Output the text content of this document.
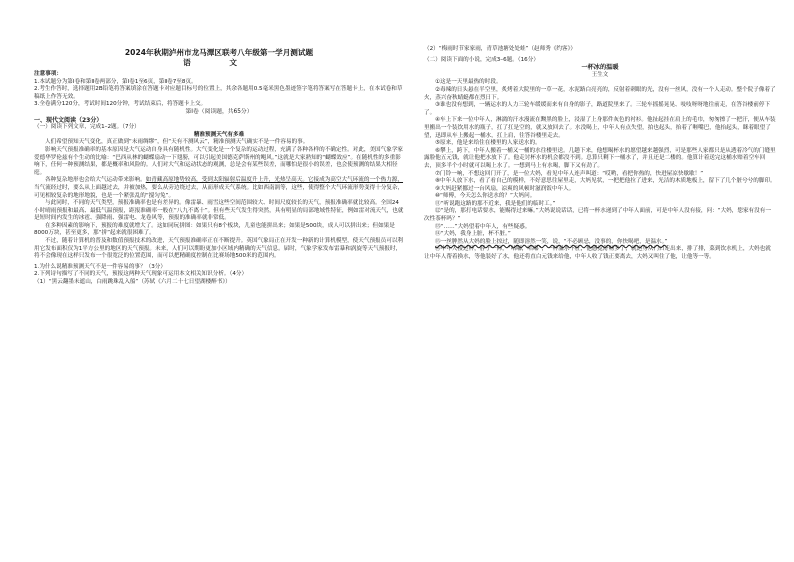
2024年秋期泸州市龙马潭区联考八年级第一学月测试题
语 文
注意事项：
1.本试题分为第Ⅰ卷和第Ⅱ卷两部分，第Ⅰ卷1至6页，第Ⅱ卷7至8页。
2.考生作答时，选择题用2B铅笔将答案填涂在答题卡对应题目标号的位置上，其余各题用0.5毫米黑色墨迹签字笔将答案写在答题卡上，在本试卷和草稿纸上作答无效。
3.全卷满分120分，考试时间120分钟，考试结束后，将答题卡上交。
第Ⅰ卷（阅读题，共65分）
一、现代文阅读（23分）
（一）阅读下列文章，完成1–2题。（7分）
精准预测天气有多难
人们希望预知天气变化，真正做到“未雨绸缪”，但“天有不测风云”，精准预测天气确实不是一件容易的事。
影响天气预报准确率的基本原因是大气运动自身具有随机性。大气变化是一个复杂的运动过程，充满了各种各样的不确定性。对此，美国气象学家爱德华罗伦兹有个生动的比喻：“巴西从林的蝴蝶扇动一下翅膀，可以引起美国德克萨斯州的飓风。”这就是大家熟知的“蝴蝶效应”。在随机性的多重影响下，任何一种预测结果，都是概率和风险的。人们对大气和运动状态的观测，总是会有某些误差，而哪怕是很小的误差，也会使预测的结果大相径庭。
各种复杂地形也会给大气运动带来影响。如青藏高原地势较高，受到太阳辐射后温度升上升，光热呈高天。它接成为高空大气环流的一个热力源，当气流经过时，要么从上面越过去，并被加热，要么从旁边绕过去，从而形成天气系统。比如西南涡等，这些，使得整个大气环流形势变得十分复杂，可见相较复杂的地形地貌，也是一个紧张乱的“搅匀兔”。
与此同时，不同的天气类型，预报准确率也是有差异的。像雷暴、雨雪这些空间范围较大、时间尺度较长的天气，预报准确率就比较高。全国24小时晴雨预报和最高、最低气温预报，距报准确率一般在“八九不离十”。但有些天气发生得突然，具有明显的局部地域性特征，例如雷对流天气，也就是短时间内发生的冰雹、强降雨、强雷电、龙卷风等，预报的准确率就非常低。
在多种因素的影响下，预报的难度就增大了。这如同玩拼图：如果只有8个板块，儿童也能拼出来；如果是500块，成人可以拼出来；但如果是8000万块，甚至更多，那“拼”起来就很困难了。
不过，随着计算机的普及和数值预报技术的改进，天气预报准确率正在不断提升。英国气象局正在开发一种新的计算机模型，使天气预报员可以利用它发布面积仅为1平方公里的地区的天气预报。未来，人们可以期盼更加小区域内精确的天气信息。届时，气象学家发布雷暴和涡旋等天气预报时，将不会像现在这样只发布一个很宽泛的位置范围，而可以把精确度控制在比赛场地500米的范围内。
1.为什么说精准预测天气不是一件容易的事？（3分）
2.下列诗句描写了不同的天气，预报这两种天气现象可运用本文相关知识分析。（4分）
（1）“黑云翻墨未遮山，白雨跳珠乱入船”（苏轼《六月二十七日望湖楼醉书》）
（2）“梅雨时节家家雨，青草池塘处处蛙”（赵师秀《约客》）
（二）阅读下面的小说，完成3–6题。（16分）
一杯冰的温暖
王生文
①这是一天里最热的时段。
②毒辣的日头悬在半空里，炙烤着大院里的一草一花，水泥路白亮亮的，反射着刺眼的光，没有一丝风，没有一个人走动。整个院子像着了火，蒸兴奋秋蜻蜓都在烈日下。
③谁也没有想到，一辆运水的人力三轮车缓缓而来有自身的影子，路道院里来了。三轮车摇摇晃晃、吱吱呀呀地往前走，在答谷楼前停下了。
④车上下来一位中年人，淋漓的汗水漫流在黝黑的脸上，浸湿了上身那件灰色的衬衫。他扯起挂在肩上的毛巾，匆匆擦了一把汗，便从车装里搬出一个装饮用水的瓶子，扛了扛是空的，就又放回去了。水没喝上，中年人有点失望，拍也起头，抬着了咂嘴巴，他抬起头，眯着眼望了望，迅即从车上搬起一桶水，扛上肩，往答谷楼里走去。
⑤原来，他是来给住在楼里的人家送水的。
⑥攀上，跨下，中年人搬着一桶又一桶的水往楼里送。几趟下来，他想喝杯水的愿望越来越强烈，可是那些人家都只是从透着冷气的门缝里露脸他五元钱，就让他把水放下了。他走讨杯水的机会都没不到。总算只剩下一桶水了，并且还是二楼的。他算计着送完这桶水赔着空车回去，顶多半个小时就可以喝上水了。一想到马上有水喝，脚下又有劲了。
⑦门铃一响，不想这回门开了，是一位大妈，看见中年人连声叫道：“哎哟，看把你热的，快进屋凉快歇歇！”
⑧中年人放下水，看了看自己的模样，不好意思往屋里走，大妈见状，一把把他拉了进来，光洁的木质地板上，留下了几个脏兮兮的脚印。
⑨大妈赶紧挪过一台风扇，凉爽的风顿时滋润饭中年人。
⑩“师傅，今天怎么你送水的？”大妈问。
⑪“听说跑这路的那不近来，我是他们的临时工。”
⑫“是的，那打电话要水，能赐得过来嘛。”大妈说说话话，已将一杯水递到了中年人面前，可是中年人没有接，问：“大妈，您家有没有一次性茶杯吗？”
⑬“……”大妈望着中年人，有些疑惑。
⑭“大妈，我身上脏，杯不脏。”
⑮一丝脾然从大妈的脸上掠过，随即溶然一笑，说，“不必顾忌，没事的，你快喝吧，是温水。”
⑯中年人接过杯，脖子一仰，“咕嘟，咕嘟”，一杯温水下肚，他感觉舒畅多了，就迫身从门口走出来，排了排，菜到饮水机上，大妈也就让中年人帮着换水，等他装好了水，他还将直白元钱来给他，中年人收了钱正要离去，大妈又叫住了他，让他等一等。
